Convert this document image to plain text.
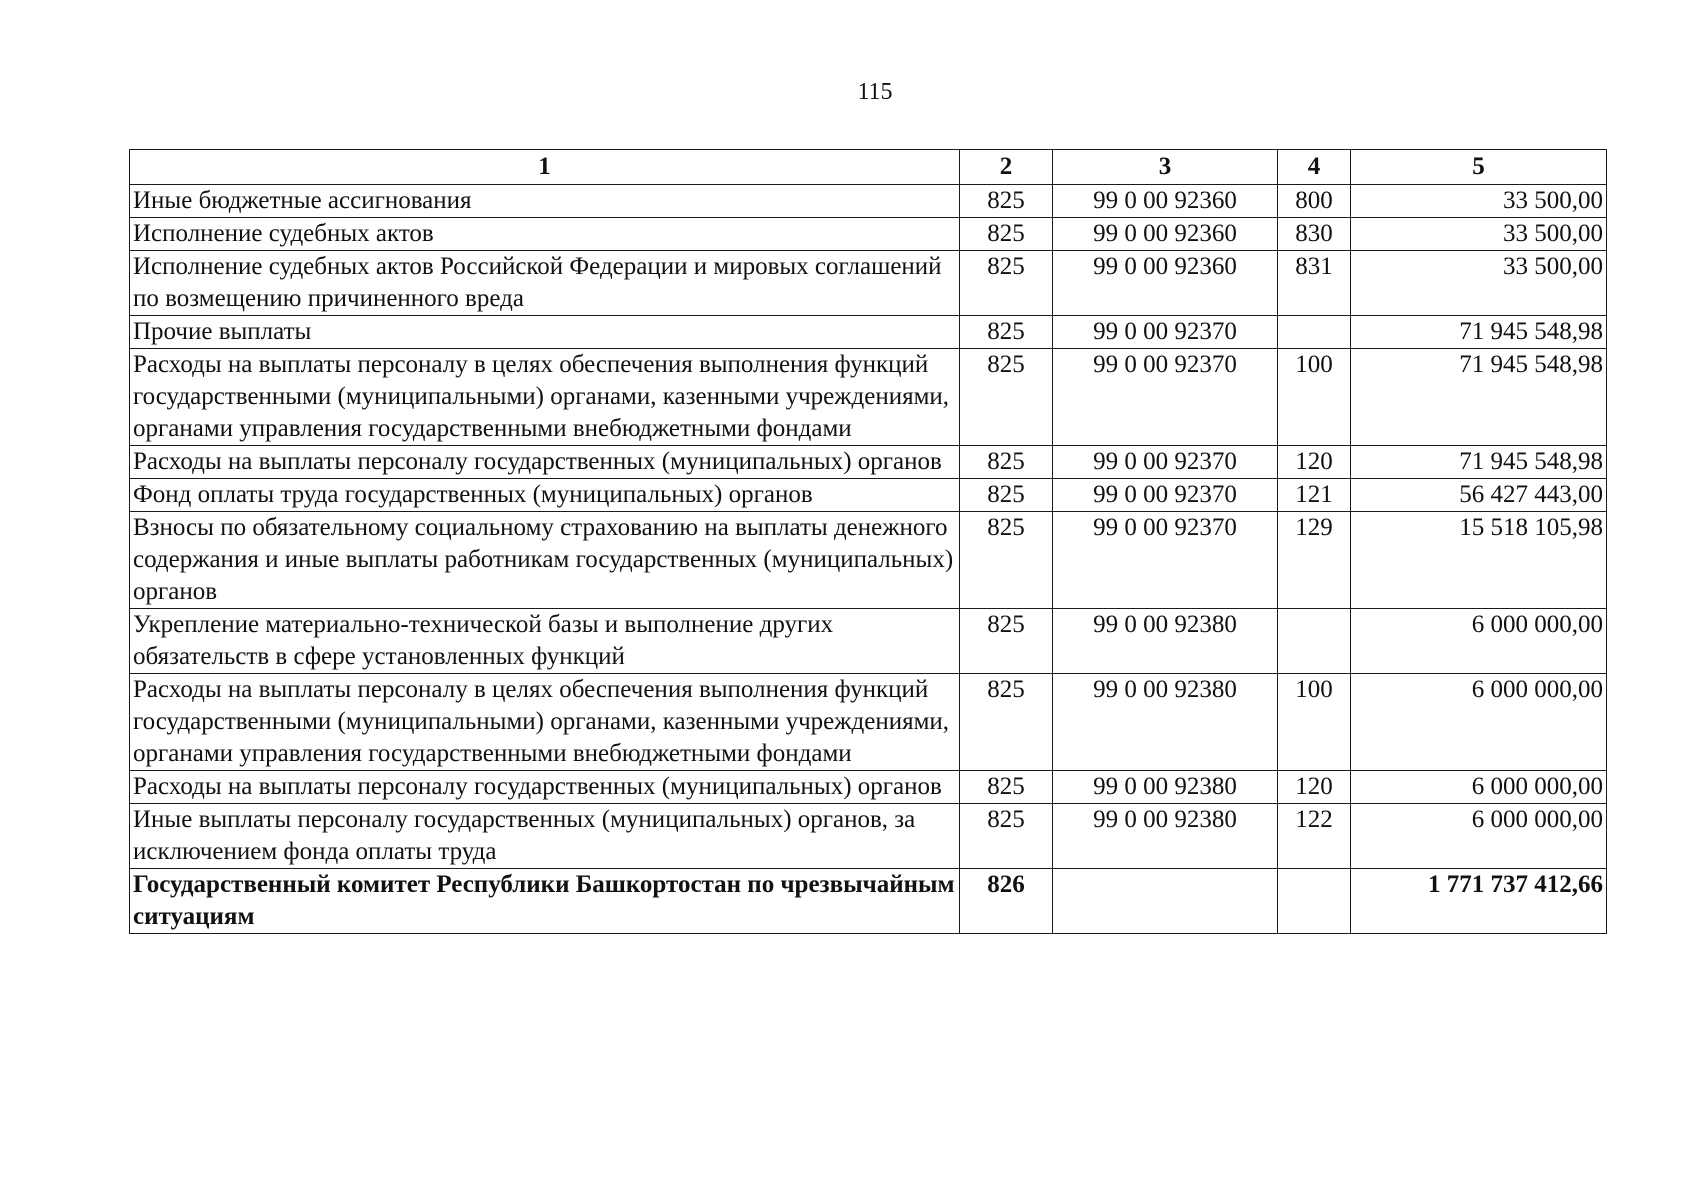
115
1	2	3	4	5
Иные бюджетные ассигнования	825	99 0 00 92360	800	33 500,00
Исполнение судебных актов	825	99 0 00 92360	830	33 500,00
Исполнение судебных актов Российской Федерации и мировых соглашений по возмещению причиненного вреда	825	99 0 00 92360	831	33 500,00
Прочие выплаты	825	99 0 00 92370		71 945 548,98
Расходы на выплаты персоналу в целях обеспечения выполнения функций государственными (муниципальными) органами, казенными учреждениями, органами управления государственными внебюджетными фондами	825	99 0 00 92370	100	71 945 548,98
Расходы на выплаты персоналу государственных (муниципальных) органов	825	99 0 00 92370	120	71 945 548,98
Фонд оплаты труда государственных (муниципальных) органов	825	99 0 00 92370	121	56 427 443,00
Взносы по обязательному социальному страхованию на выплаты денежного содержания и иные выплаты работникам государственных (муниципальных) органов	825	99 0 00 92370	129	15 518 105,98
Укрепление материально-технической базы и выполнение других обязательств в сфере установленных функций	825	99 0 00 92380		6 000 000,00
Расходы на выплаты персоналу в целях обеспечения выполнения функций государственными (муниципальными) органами, казенными учреждениями, органами управления государственными внебюджетными фондами	825	99 0 00 92380	100	6 000 000,00
Расходы на выплаты персоналу государственных (муниципальных) органов	825	99 0 00 92380	120	6 000 000,00
Иные выплаты персоналу государственных (муниципальных) органов, за исключением фонда оплаты труда	825	99 0 00 92380	122	6 000 000,00
Государственный комитет Республики Башкортостан по чрезвычайным ситуациям	826			1 771 737 412,66
